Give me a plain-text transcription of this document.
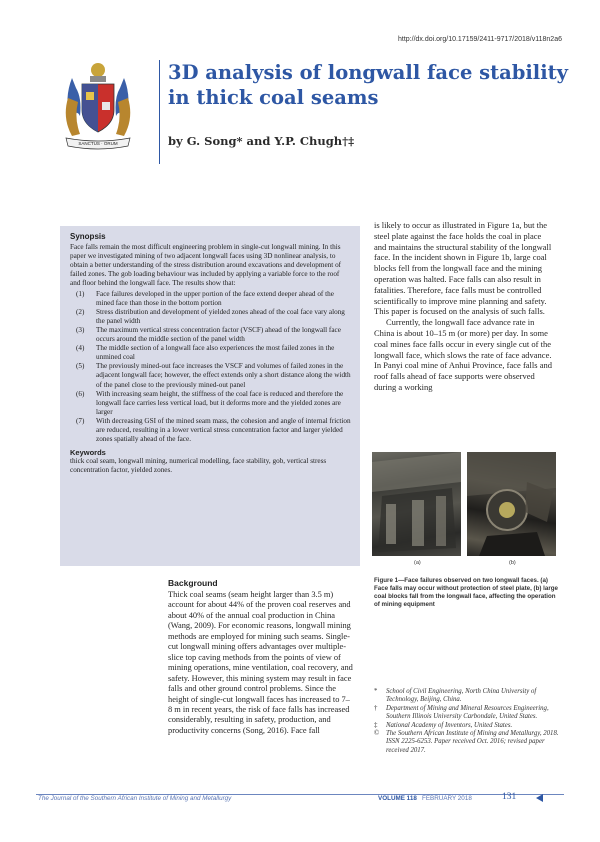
http://dx.doi.org/10.17159/2411-9717/2018/v118n2a6
SANCTUS · ORUM
3D analysis of longwall face stability in thick coal seams
by G. Song* and Y.P. Chugh†‡
Synopsis

Face falls remain the most difficult engineering problem in single-cut longwall mining. In this paper we investigated mining of two adjacent longwall faces using 3D nonlinear analysis, to obtain a better understanding of the stress distribution around excavations and development of failed zones. The gob loading behaviour was included by applying a variable force to the roof and floor behind the longwall face. The results show that:

(1)	Face failures developed in the upper portion of the face extend deeper ahead of the mined face than those in the bottom portion
(2)	Stress distribution and development of yielded zones ahead of the coal face vary along the panel width
(3)	The maximum vertical stress concentration factor (VSCF) ahead of the longwall face occurs around the middle section of the panel width
(4)	The middle section of a longwall face also experiences the most failed zones in the unmined coal
(5)	The previously mined-out face increases the VSCF and volumes of failed zones in the adjacent longwall face; however, the effect extends only a short distance along the width of the panel close to the previously mined-out panel
(6)	With increasing seam height, the stiffness of the coal face is reduced and therefore the longwall face carries less vertical load, but it deforms more and the yielded zones are larger
(7)	With decreasing GSI of the mined seam mass, the cohesion and angle of internal friction are reduced, resulting in a lower vertical stress concentration factor and larger yielded zones spatially ahead of the face.
Keywords

thick coal seam, longwall mining, numerical modelling, face stability, gob, vertical stress concentration factor, yielded zones.

is likely to occur as illustrated in Figure 1a, but the steel plate against the face holds the coal in place and maintains the structural stability of the longwall face. In the incident shown in Figure 1b, large coal blocks fell from the longwall face and the mining operation was halted. Face falls can also result in fatalities. Therefore, face falls must be controlled scientifically to improve mine planning and safety. This paper is focused on the analysis of such falls.

Currently, the longwall face advance rate in China is about 10–15 m (or more) per day. In some coal mines face falls occur in every single cut of the longwall face, which slows the rate of face advance. In Panyi coal mine of Anhui Province, face falls and roof falls ahead of face supports were observed during a working

(a)	(b)
Figure 1—Face failures observed on two longwall faces. (a) Face falls may occur without protection of steel plate, (b) large coal blocks fall from the longwall face, affecting the operation of mining equipment
Background
Thick coal seams (seam height larger than 3.5 m) account for about 44% of the proven coal reserves and about 40% of the annual coal production in China (Wang, 2009). For economic reasons, longwall mining methods are employed for mining such seams. Single-cut longwall mining offers advantages over multiple-slice top caving methods from the points of view of mining operations, mine ventilation, coal recovery, and safety. However, this mining system may result in face falls and other ground control problems. Since the height of single-cut longwall faces has increased to 7–8 m in recent years, the risk of face falls has increased considerably, resulting in safety, production, and productivity concerns (Song, 2016). Face fall
*	School of Civil Engineering, North China University of Technology, Beijing, China.
†	Department of Mining and Mineral Resources Engineering, Southern Illinois University Carbondale, United States.
‡	National Academy of Inventors, United States.
©	The Southern African Institute of Mining and Metallurgy, 2018. ISSN 2225-6253. Paper received Oct. 2016; revised paper received 2017.
The Journal of the Southern African Institute of Mining and Metallurgy	VOLUME 118 FEBRUARY 2018	131
